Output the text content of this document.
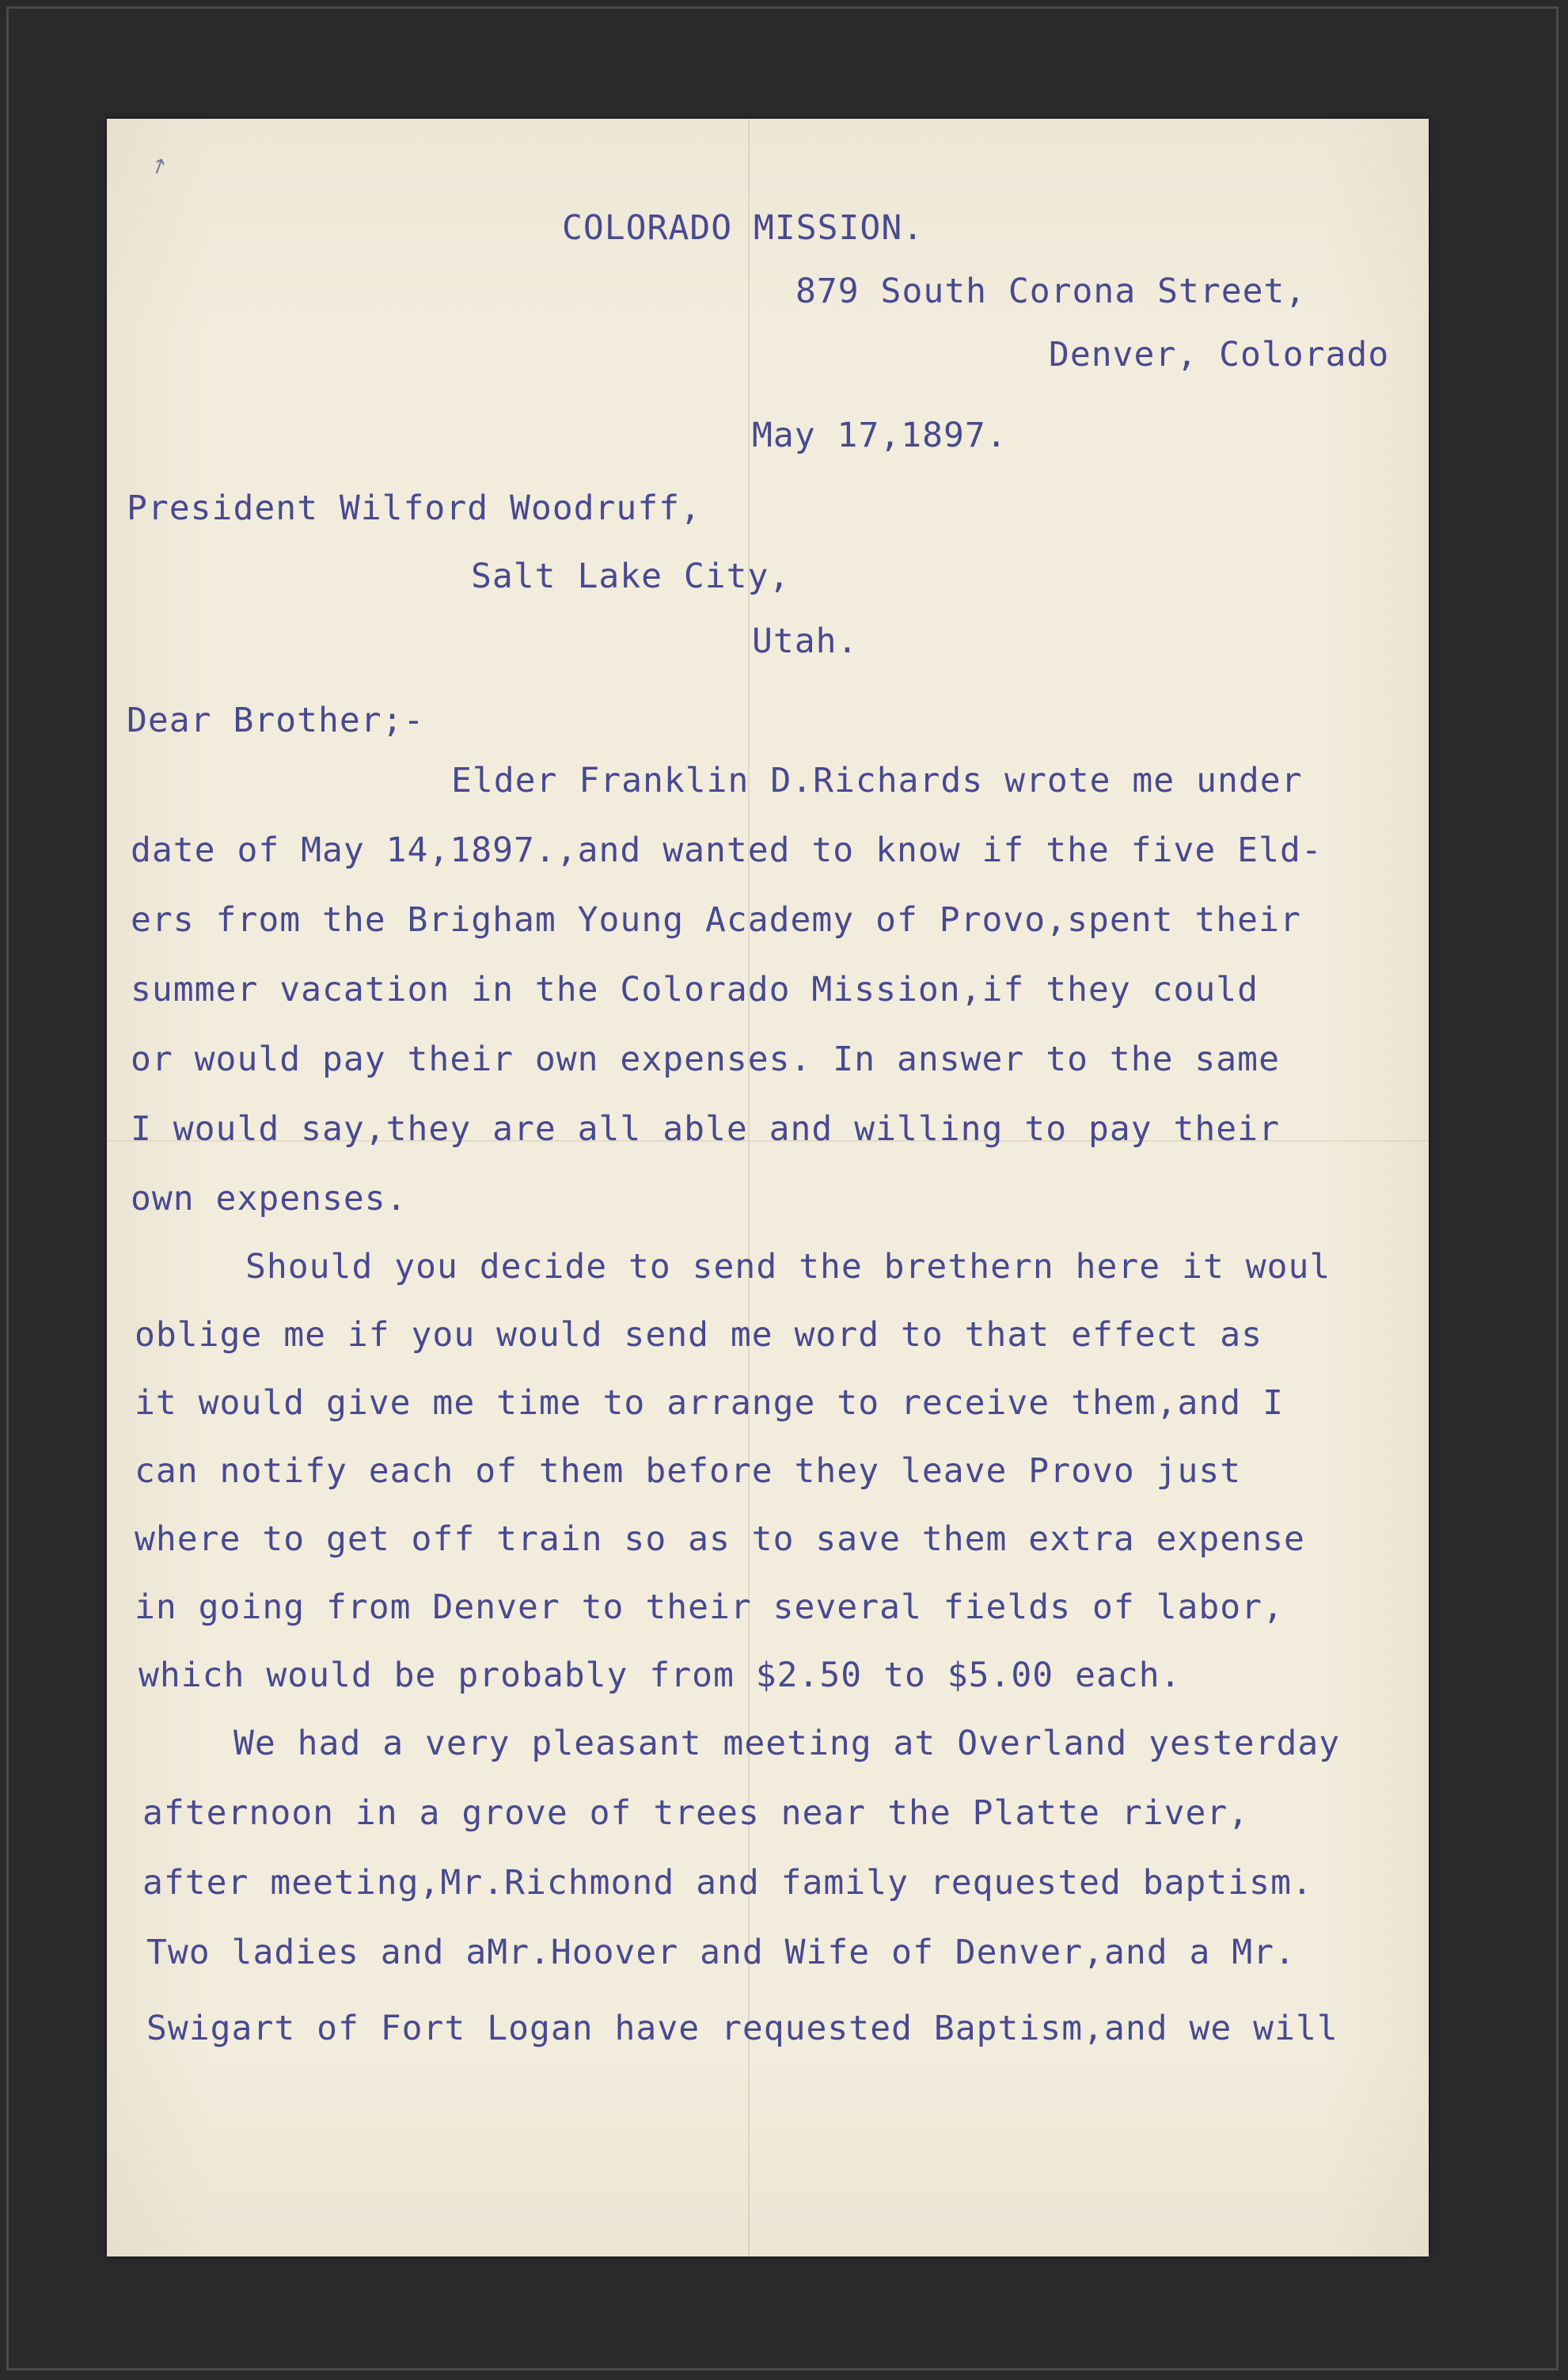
↗
COLORADO MISSION.
879 South Corona Street,
Denver, Colorado
May 17,1897.
President Wilford Woodruff,
Salt Lake City,
Utah.
Dear Brother;-
Elder Franklin D.Richards wrote me under
date of May 14,1897.,and wanted to know if the five Eld-
ers from the Brigham Young Academy of Provo,spent their
summer vacation in the Colorado Mission,if they could
or would pay their own expenses. In answer to the same
I would say,they are all able and willing to pay their
own expenses.
Should you decide to send the brethern here it woul
oblige me if you would send me word to that effect as
it would give me time to arrange to receive them,and I
can notify each of them before they leave Provo just
where to get off train so as to save them extra expense
in going from Denver to their several fields of labor,
which would be probably from $2.50 to $5.00 each.
We had a very pleasant meeting at Overland yesterday
afternoon in a grove of trees near the Platte river,
after meeting,Mr.Richmond and family requested baptism.
Two ladies and aMr.Hoover and Wife of Denver,and a Mr.
Swigart of Fort Logan have requested Baptism,and we will
